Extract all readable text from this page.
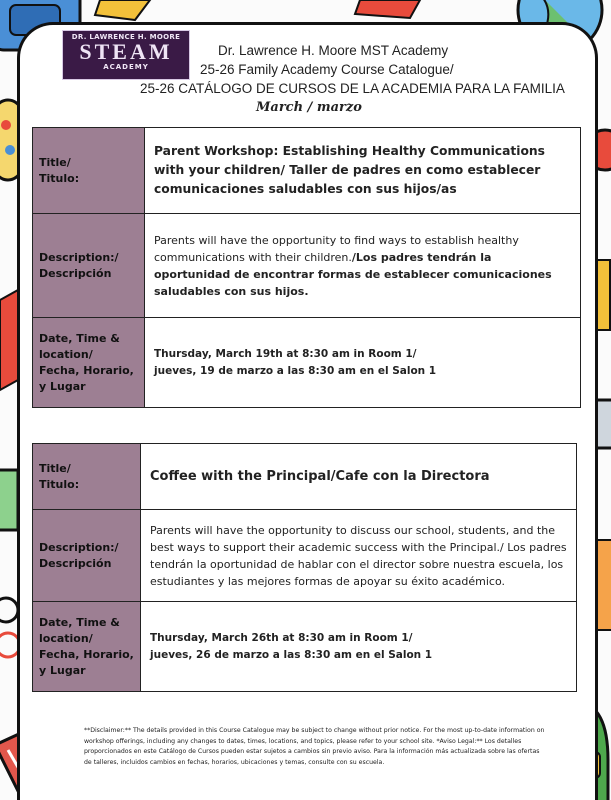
DR. LAWRENCE H. MOORE
STEAM
ACADEMY
Dr. Lawrence H. Moore MST Academy
25-26 Family Academy Course Catalogue/
25-26 CATÁLOGO DE CURSOS DE LA ACADEMIA PARA LA FAMILIA
March / marzo
Title/
Titulo:	Parent Workshop: Establishing Healthy Communications with your children/ Taller de padres en como establecer comunicaciones saludables con sus hijos/as
Description:/
Descripción	Parents will have the opportunity to find ways to establish healthy communications with their children./Los padres tendrán la oportunidad de encontrar formas de establecer comunicaciones saludables con sus hijos.
Date, Time &
location/
Fecha, Horario,
y Lugar	Thursday, March 19th at 8:30 am in Room 1/
jueves, 19 de marzo a las 8:30 am en el Salon 1
Title/
Titulo:	Coffee with the Principal/Cafe con la Directora
Description:/
Descripción	Parents will have the opportunity to discuss our school, students, and the best ways to support their academic success with the Principal./ Los padres tendrán la oportunidad de hablar con el director sobre nuestra escuela, los estudiantes y las mejores formas de apoyar su éxito académico.
Date, Time &
location/
Fecha, Horario,
y Lugar	Thursday, March 26th at 8:30 am in Room 1/
jueves, 26 de marzo a las 8:30 am en el Salon 1
**Disclaimer:** The details provided in this Course Catalogue may be subject to change without prior notice. For the most up-to-date information on workshop offerings, including any changes to dates, times, locations, and topics, please refer to your school site. *Aviso Legal:** Los detalles proporcionados en este Catálogo de Cursos pueden estar sujetos a cambios sin previo aviso. Para la información más actualizada sobre las ofertas de talleres, incluidos cambios en fechas, horarios, ubicaciones y temas, consulte con su escuela.
